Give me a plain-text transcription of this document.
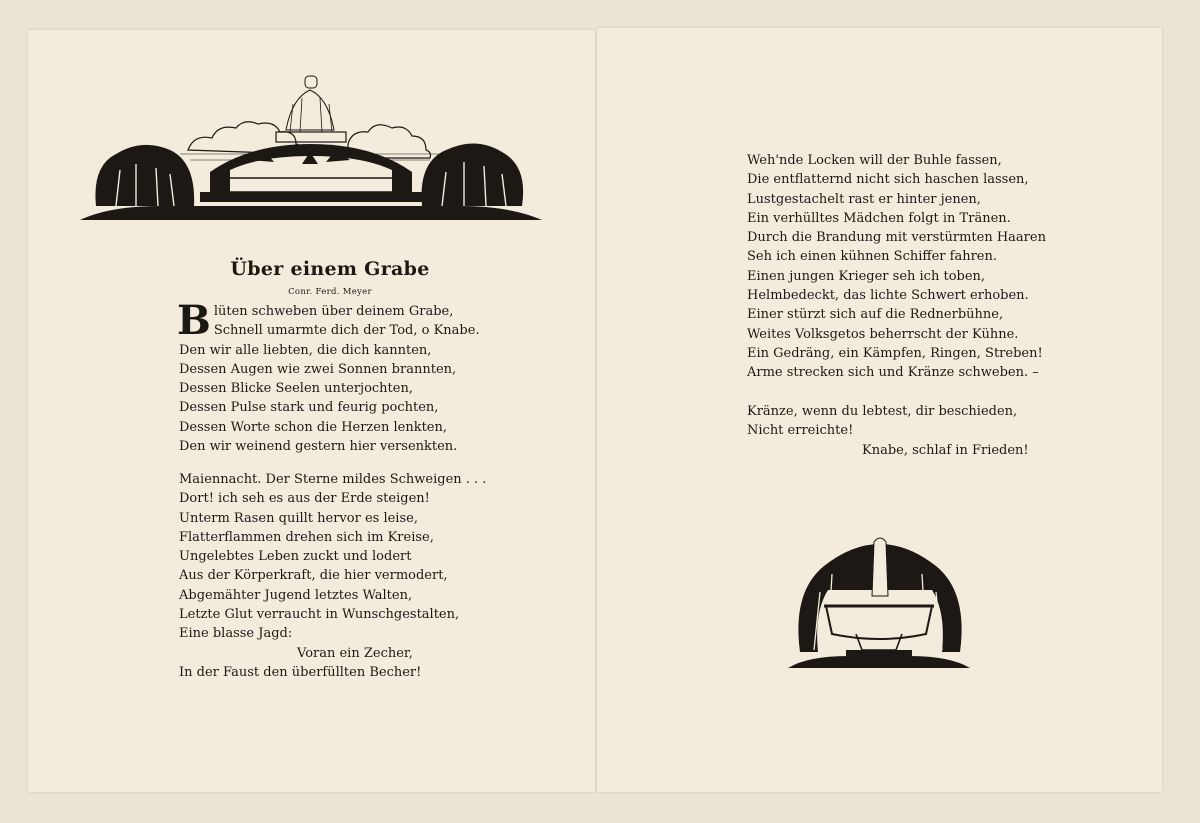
Über einem Grabe
Conr. Ferd. Meyer
Blüten schweben über deinem Grabe,
Schnell umarmte dich der Tod, o Knabe.
Den wir alle liebten, die dich kannten,
Dessen Augen wie zwei Sonnen brannten,
Dessen Blicke Seelen unterjochten,
Dessen Pulse stark und feurig pochten,
Dessen Worte schon die Herzen lenkten,
Den wir weinend gestern hier versenkten.
Maiennacht. Der Sterne mildes Schweigen . . .
Dort! ich seh es aus der Erde steigen!
Unterm Rasen quillt hervor es leise,
Flatterflammen drehen sich im Kreise,
Ungelebtes Leben zuckt und lodert
Aus der Körperkraft, die hier vermodert,
Abgemähter Jugend letztes Walten,
Letzte Glut verraucht in Wunschgestalten,
Eine blasse Jagd:
Voran ein Zecher,
In der Faust den überfüllten Becher!
Weh'nde Locken will der Buhle fassen,
Die entflatternd nicht sich haschen lassen,
Lustgestachelt rast er hinter jenen,
Ein verhülltes Mädchen folgt in Tränen.
Durch die Brandung mit verstürmten Haaren
Seh ich einen kühnen Schiffer fahren.
Einen jungen Krieger seh ich toben,
Helmbedeckt, das lichte Schwert erhoben.
Einer stürzt sich auf die Rednerbühne,
Weites Volksgetos beherrscht der Kühne.
Ein Gedräng, ein Kämpfen, Ringen, Streben!
Arme strecken sich und Kränze schweben. –
Kränze, wenn du lebtest, dir beschieden,
Nicht erreichte!
Knabe, schlaf in Frieden!
